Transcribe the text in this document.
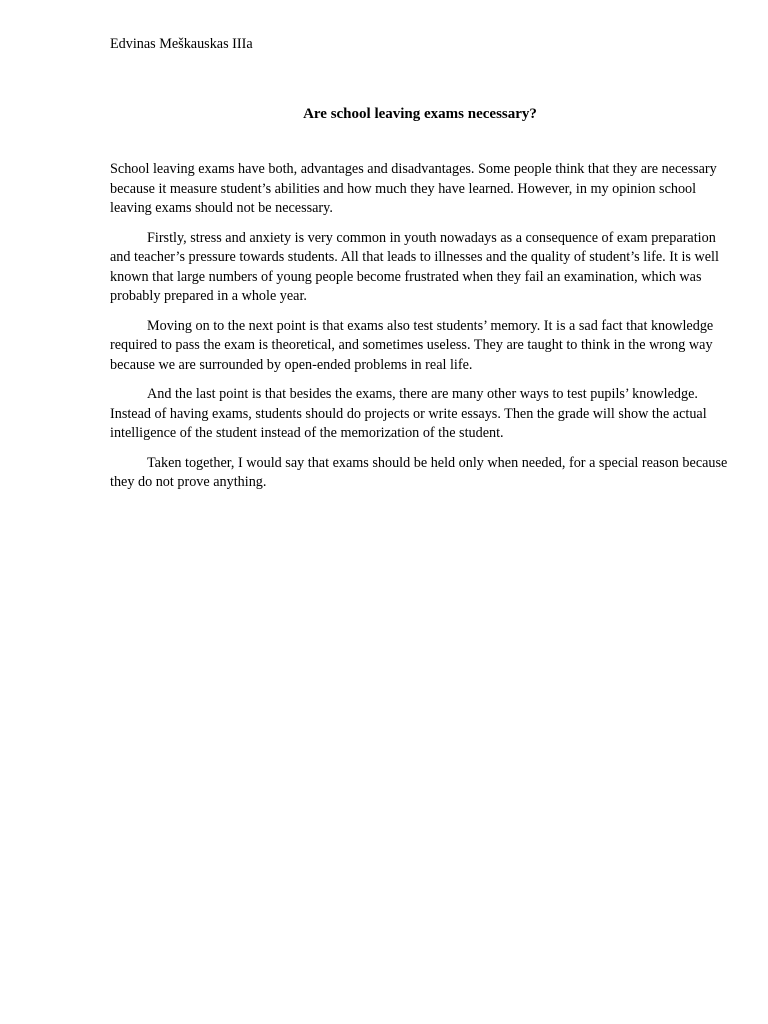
Edvinas Meškauskas IIIa

Are school leaving exams necessary?

School leaving exams have both, advantages and disadvantages. Some people think that they are necessary because it measure student’s abilities and how much they have learned. However, in my opinion school leaving exams should not be necessary.

Firstly, stress and anxiety is very common in youth nowadays as a consequence of exam preparation and teacher’s pressure towards students. All that leads to illnesses and the quality of student’s life. It is well known that large numbers of young people become frustrated when they fail an examination, which was probably prepared in a whole year.

Moving on to the next point is that exams also test students’ memory. It is a sad fact that knowledge required to pass the exam is theoretical, and sometimes useless. They are taught to think in the wrong way because we are surrounded by open-ended problems in real life.

And the last point is that besides the exams, there are many other ways to test pupils’ knowledge. Instead of having exams, students should do projects or write essays. Then the grade will show the actual intelligence of the student instead of the memorization of the student.

Taken together, I would say that exams should be held only when needed, for a special reason because they do not prove anything.
